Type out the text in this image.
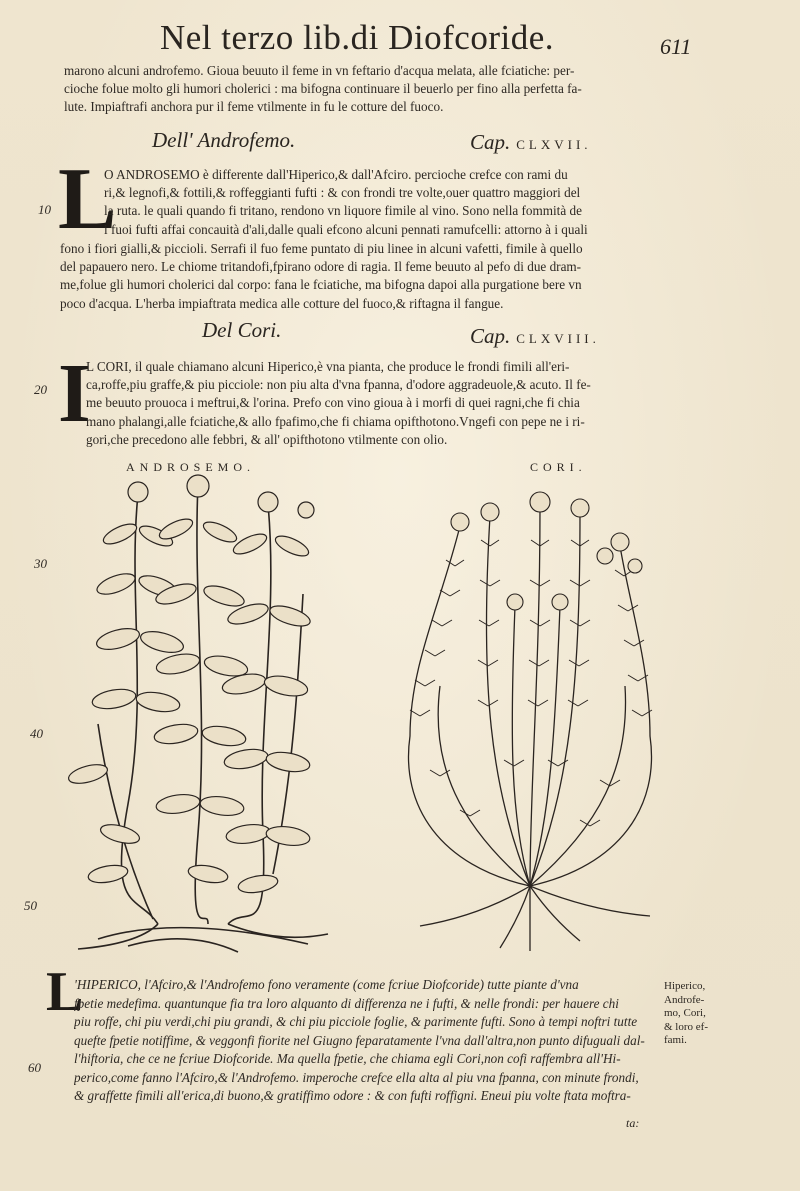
Nel terzo lib.di Diofcoride.	611
marono alcuni androfemo. Gioua beuuto il feme in vn feftario d'acqua melata, alle fciatiche: per-
cioche folue molto gli humori cholerici : ma bifogna continuare il beuerlo per fino alla perfetta fa-
lute. Impiaftrafi anchora pur il feme vtilmente in fu le cotture del fuoco.
Dell' Androfemo.	Cap. CLXVII.
L
O ANDROSEMO è differente dall'Hiperico,& dall'Afciro. percioche crefce con rami du
ri,& legnofi,& fottili,& roffeggianti fufti : & con frondi tre volte,ouer quattro maggiori del
la ruta. le quali quando fi tritano, rendono vn liquore fimile al vino. Sono nella fommità de
i fuoi fufti affai concauità d'ali,dalle quali efcono alcuni pennati ramufcelli: attorno à i quali
fono i fiori gialli,& piccioli. Serrafi il fuo feme puntato di piu linee in alcuni vafetti, fimile à quello
del papauero nero. Le chiome tritandofi,fpirano odore di ragia. Il feme beuuto al pefo di due dram-
me,folue gli humori cholerici dal corpo: fana le fciatiche, ma bifogna dapoi alla purgatione bere vn
poco d'acqua. L'herba impiaftrata medica alle cotture del fuoco,& riftagna il fangue.
Del Cori.	Cap. CLXVIII.
I
L CORI, il quale chiamano alcuni Hiperico,è vna pianta, che produce le frondi fimili all'eri-
ca,roffe,piu graffe,& piu picciole: non piu alta d'vna fpanna, d'odore aggradeuole,& acuto. Il fe-
me beuuto prouoca i meftrui,& l'orina. Prefo con vino gioua à i morfi di quei ragni,che fi chia
mano phalangi,alle fciatiche,& allo fpafimo,che fi chiama opifthotono.Vngefi con pepe ne i ri-
gori,che precedono alle febbri, & all' opifthotono vtilmente con olio.
10
20
30
40
50
60
ANDROSEMO.	CORI.
L
'HIPERICO, l'Afciro,& l'Androfemo fono veramente (come fcriue Diofcoride) tutte piante d'vna
fpetie medefima. quantunque fia tra loro alquanto di differenza ne i fufti, & nelle frondi: per hauere chi
piu roffe, chi piu verdi,chi piu grandi, & chi piu picciole foglie, & parimente fufti. Sono à tempi noftri tutte
quefte fpetie notiffime, & veggonfi fiorite nel Giugno feparatamente l'vna dall'altra,non punto difuguali dal-
l'hiftoria, che ce ne fcriue Diofcoride. Ma quella fpetie, che chiama egli Cori,non cofi raffembra all'Hi-
perico,come fanno l'Afciro,& l'Androfemo. imperoche crefce ella alta al piu vna fpanna, con minute frondi,
& graffette fimili all'erica,di buono,& gratiffimo odore : & con fufti roffigni. Eneui piu volte ftata moftra-
Hiperico,
Androfe-
mo, Cori,
& loro ef-
fami.
ta:
